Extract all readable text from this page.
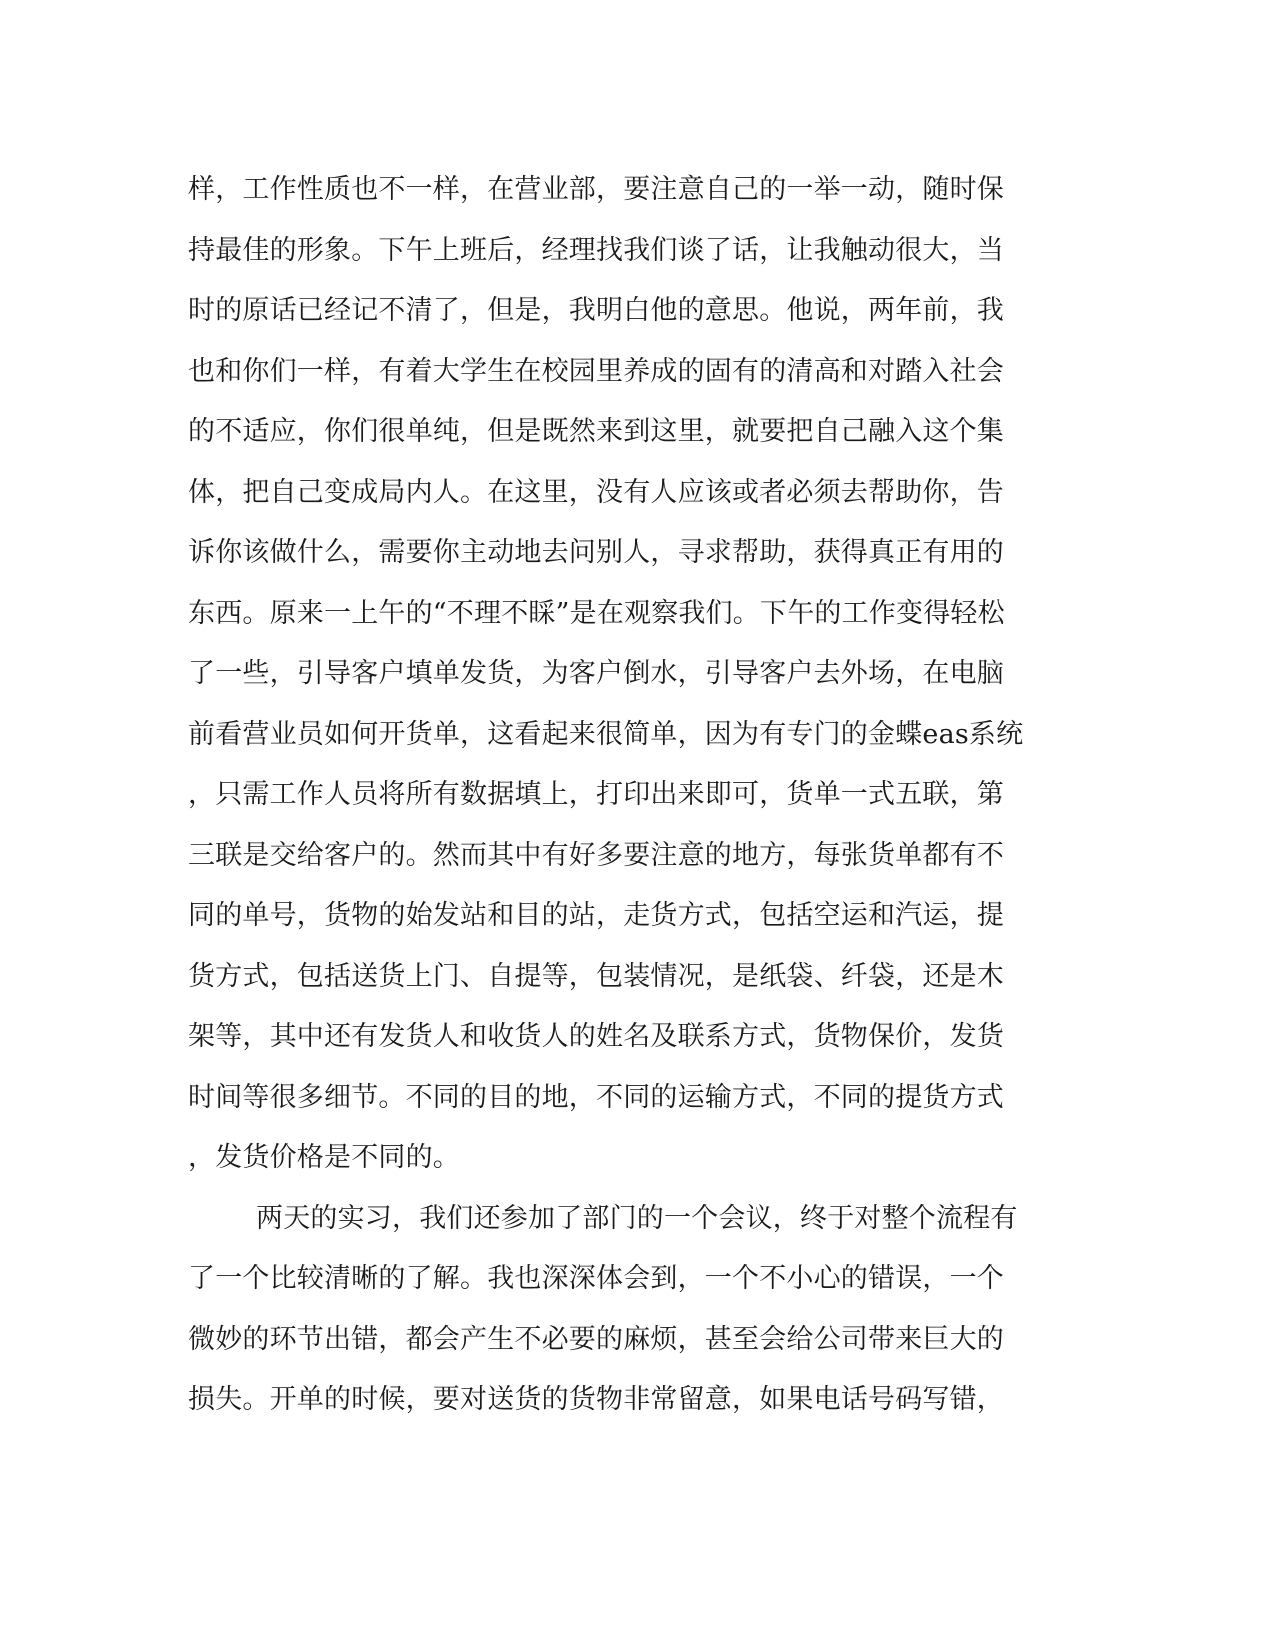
样，工作性质也不一样，在营业部，要注意自己的一举一动，随时保
持最佳的形象。下午上班后，经理找我们谈了话，让我触动很大，当
时的原话已经记不清了，但是，我明白他的意思。他说，两年前，我
也和你们一样，有着大学生在校园里养成的固有的清高和对踏入社会
的不适应，你们很单纯，但是既然来到这里，就要把自己融入这个集
体，把自己变成局内人。在这里，没有人应该或者必须去帮助你，告
诉你该做什么，需要你主动地去问别人，寻求帮助，获得真正有用的
东西。原来一上午的“不理不睬”是在观察我们。下午的工作变得轻松
了一些，引导客户填单发货，为客户倒水，引导客户去外场，在电脑
前看营业员如何开货单，这看起来很简单，因为有专门的金蝶eas系统
，只需工作人员将所有数据填上，打印出来即可，货单一式五联，第
三联是交给客户的。然而其中有好多要注意的地方，每张货单都有不
同的单号，货物的始发站和目的站，走货方式，包括空运和汽运，提
货方式，包括送货上门、自提等，包装情况，是纸袋、纤袋，还是木
架等，其中还有发货人和收货人的姓名及联系方式，货物保价，发货
时间等很多细节。不同的目的地，不同的运输方式，不同的提货方式
，发货价格是不同的。
两天的实习，我们还参加了部门的一个会议，终于对整个流程有
了一个比较清晰的了解。我也深深体会到，一个不小心的错误，一个
微妙的环节出错，都会产生不必要的麻烦，甚至会给公司带来巨大的
损失。开单的时候，要对送货的货物非常留意，如果电话号码写错，
